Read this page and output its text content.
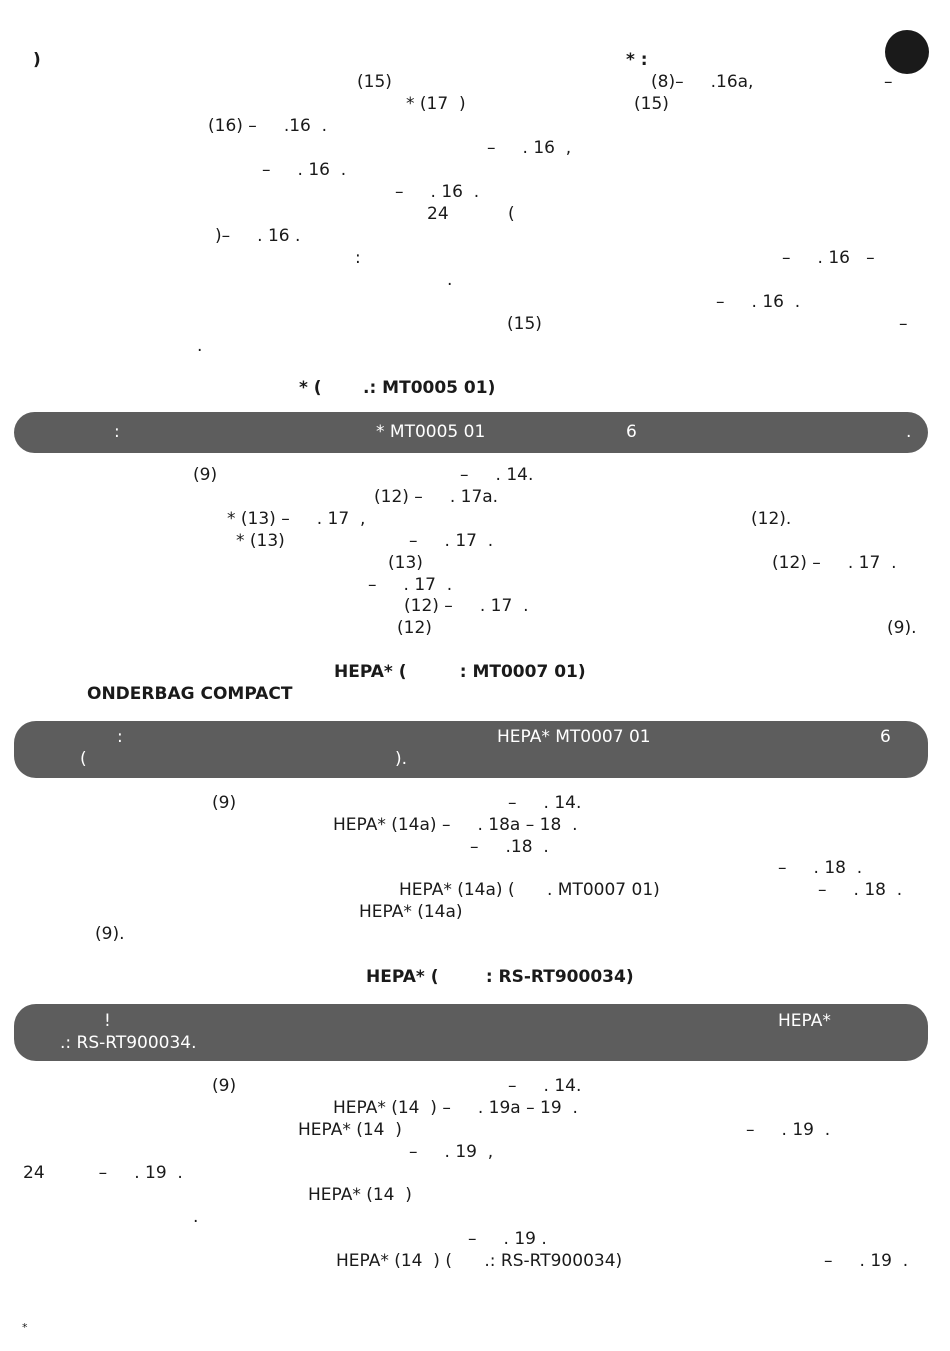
)	* :
(15)	(8)–     .16a,	–
* (17  )	(15)
(16) –     .16  .
–     . 16  ,
–     . 16  .
–     . 16  .
24	(
)–     . 16 .
:	–     . 16   –
.
–     . 16  .
(15)	–
.
* (       .: MT0005 01)
:	* MT0005 01	6	.
(9)	–     . 14.
(12) –     . 17a.
* (13) –     . 17  ,	(12).
* (13)	–     . 17  .
(13)	(12) –     . 17  .
–     . 17  .
(12) –     . 17  .
(12)	(9).
HEPA* (         : MT0007 01)
ONDERBAG COMPACT
:	HEPA* MT0007 01	6
(	).
(9)	–     . 14.
HEPA* (14a) –     . 18a – 18  .
–     .18  .
–     . 18  .
HEPA* (14a) (      . MT0007 01)	–     . 18  .
HEPA* (14a)
(9).
HEPA* (        : RS-RT900034)
!	HEPA*
.: RS-RT900034.
(9)	–     . 14.
HEPA* (14  ) –     . 19a – 19  .
HEPA* (14  )	–     . 19  .
–     . 19  ,
24          –     . 19  .
HEPA* (14  )
.
–     . 19 .
HEPA* (14  ) (      .: RS-RT900034)	–     . 19  .
*
